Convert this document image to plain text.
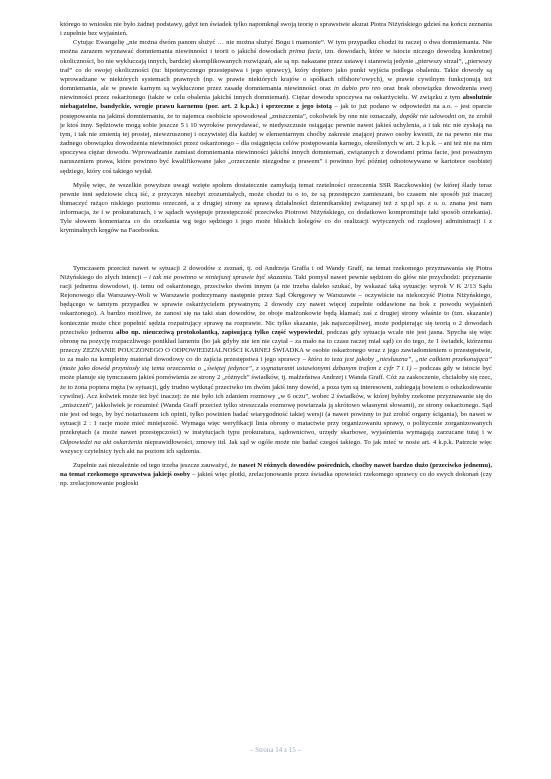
którego to wniosku nie było żadnej podstawy, gdyż ten świadek tylko napomknął swoją teorię o sprawstwie akurat Piotra Niżyńskiego gdzieś na końcu zeznania i zupełnie bez wyjaśnień.

Cytując Ewangelię „nie można dwóm panom służyć … nie można służyć Bogu i mamonie”. W tym przypadku chodzi tu raczej o dwa domniemania. Nie można zarazem wyznawać domniemania niewinności i teorii o jakichś dowodach prima facie, tzn. dowodach, które w istocie niczego dowodzą konkretnej okoliczności, bo nie wykluczają innych, bardziej skomplikowanych rozwiązań, ale są np. nakazane przez ustawę i stanowią jedynie „pierwszy strzał”, „pierwszy traf” co do swojej okoliczności (tu: hipotetycznego przestępstwa i jego sprawcy), który dopiero jako punkt wyjścia podlega obaleniu. Takie dowody są wprowadzane w niektórych systemach prawnych (np. w prawie niektórych krajów o spółkach offshore’owych), w prawie cywilnym funkcjonują też domniemania, ale w prawie karnym są wykluczone przez zasadę domniemania niewinności oraz in dubio pro reo oraz brak obowiązku dowodzenia swej niewinności przez oskarżonego (także w celu obalenia jakichś innych domniemań). Ciężar dowodu spoczywa na oskarżycielu. W związku z tym absolutnie niebagatelne, bandyckie, wrogie prawu karnemu (por. art. 2 k.p.k.) i sprzeczne z jego istotą – jak to już podano w odpowiedzi na a.o. – jest oparcie postępowania na jakimś domniemaniu, że to najemca osobiście spowodował „zniszczenia”, cokolwiek by one nie oznaczały, dopóki nie udowodni on, że zrobił je ktoś inny. Sędziowie mogą sobie jeszcze 5 i 10 wyroków powydawać, w niedyszczusie osiągając pewnie nawet jakieś uchylenia, a i tak nic nie zyskają na tym, i tak nie zmienią tej prostej, niewzruszonej i oczywistej dla każdej w elementarnym choćby zakresie znającej prawo osoby kwestii, że na pewno nie ma żadnego obowiązku dowodzenia niewinności przez oskarżonego – dla osiągnięcia celów postępowania karnego, określonych w art. 2 k.p.k. – ani też nie na nim spoczywa ciężar dowodu. Wprowadzanie zamiast domniemania niewinności jakichś innych domniemań, związanych z dowodami prima facie, jest poważnym naruszeniem prawa, które powinno być kwalifikowane jako „orzeczenie niezgodne z prawem” i powinno być później odnotowywane w kartotece osobistej sędziego, który coś takiego wydał.

Myślę więc, że wszelkie powyższe uwagi wzięte społem dostatecznie zamykają temat rzetelności orzeczenia SSR Raczkowskiej (w której ślady teraz pewnie inni sędziowie chcą iść, z przyczyn niezbyt zrozumiałych, może chodzi tu o to, że są przestępczo zamieszani, bo czasem nie sposób już inaczej tłumaczyć rażąco niskiego poziomu orzeczeń, a z drugiej strony za sprawą działalności dziennikarskiej związanej też z xp.pl sp. z o. o. znana jest nam informacja, że i w prokuraturach, i w sądach występuje przestępczość przeciwko Piotrowi Niżyńskiego, co dodatkowo kompromituje taki sposób orzekania). Tyle słowem komentarza co do orzekania wg tego sędziego i jego może bliskich kolegów co do realizacji wytycznych od rządowej administracji i z kryminalnych kręgów na Facebooku.

Tymczasem przecież nawet w sytuacji 2 dowodów z zeznań, tj. od Andrzeja Graffa i od Wandy Graff, na temat rzekomego przyznawania się Piotra Niżyńskiego do złych intencji – i tak nie powinno w niniejszej sprawie być skazania. Taki pomysł nawet pewnie sędziom do głów nie przychodzi: przyznanie racji jednemu dowodowi, tj. temu od oskarżonego, przeciwko dwóm innym (a nie trzeba daleko szukać, by wskazać taką sytuację: wyrok V K 2/13 Sądu Rejonowego dla Warszawy-Woli w Warszawie podtrzymany następnie przez Sąd Okręgowy w Warszawie – oczywiście na niekorzyść Piotra Niżyńskiego, będącego w tamtym przypadku w sprawie oskarżycielem prywatnym; 2 dowody czy nawet więcej zupełnie oddawione na bok z powodu wyjaśnień oskarżonego). A bardzo możliwe, że zanosi się na taki stan dowodów, że oboje małżonkowie będą kłamać; zaś z drugiej strony właśnie to (tzn. skazanie) koniecznie może chce popełnić sędzia rozpatrujący sprawę na rozprawie. Nic tylko skazanie, jak najszczęśliwej, może podpierając się teorią o 2 dowodach przeciwko jednemu albo np. nieuczciwą protokolantką, zapisującą tylko część wypowiedzi, podczas gdy sytuacja wcale nie jest jasna. Spycha się więc obronę na pozycję rozpaczliwego ponikład lamentu (bo jak gdyby nie ten nie czytał – za mało na to czasu raczej miał sąd) co do tego, że 1 świadek, którzemu przeczy ZEZNANIE POUCZONEGO O ODPOWIEDZIALNOŚCI KARNEJ ŚWIADKA w osobie oskarżonego wraz z jego zawiadomieniem o przestępstwie, to za mało na kompletny materiał dowodowy co do zajścia przestępstwa i jego sprawcy – która to teza jest jakoby „niesłuszna”, „nie całkiem przekonująca” (może jako dowód przyniosły się temu orzeczenia o „świętej jedynce”, z sygnaturami ustawionymi dzbanym trafem z cyfr 7 i 1) – podczas gdy w istocie być może planuje się tymczasem jakieś pomówienia ze strony 2 „różnych” świadków, tj. małżeństwa Andrzej i Wanda Graff. Cóż za zaskoczenie, chciałoby się rzec, że to żona popiera męża (w sytuacji, gdy trudno wytknąć przeciwko im dwóm jakiś inny dowód, a poza tym są interesowni, zabiegają bowiem o odszkodowanie cywilne). Acz kolwiek może też być inaczej: że nie było ich zdaniem rozmowy „w 6 oczu”, wobec 2 świadków, w której byłoby rzekome przyznawanie się do „zniszczeń”, jakkolwiek je rozumieć (Wanda Graff przecież tylko streszczała rozmowę powtarzała ją skrótowo własnymi słowami), ze strony oskarżonego. Sąd nie jest od tego, by być notariuszem ich opinii, tylko powinien badać wiarygodność takiej wersji (a nawet powinny to już zrobić organy ścigania), bo nawet w sytuacji 2 : 1 racje może mieć mniejszość. Wymaga więc weryfikacji linia obrony o matactwie przy organizowaniu sprawy, o politycznie zorganizowanych przekrętach (a może nawet przestępczości) w instytucjach typu prokuratura, sądownictwo, urzędy skarbowe, wyjaśnienia wymagają zarzucane tutaj i w Odpowiedzi na akt oskarżenia nieprawidłowości, zmowy itd. Jak sąd w ogóle może nie badać czegoś takiego. To jak mieć w nosie art. 4 k.p.k. Patrzcie więc wszyscy czytelnicy tych akt na poziom ich sądzenia.

Zupełnie zaś niezależnie od tego trzeba jeszcze zauważyć, że nawet N różnych dowodów pośrednich, choćby nawet bardzo dużo (przeciwko jednemu), na temat rzekomego sprawstwa jakiejś osoby – jakieś więc plotki, zrelacjonowanie przez świadka opowieści rzekomego sprawcy co do swych dokonań (czy np. zrelacjonowanie pogłoski

– Strona 14 z 15 –
